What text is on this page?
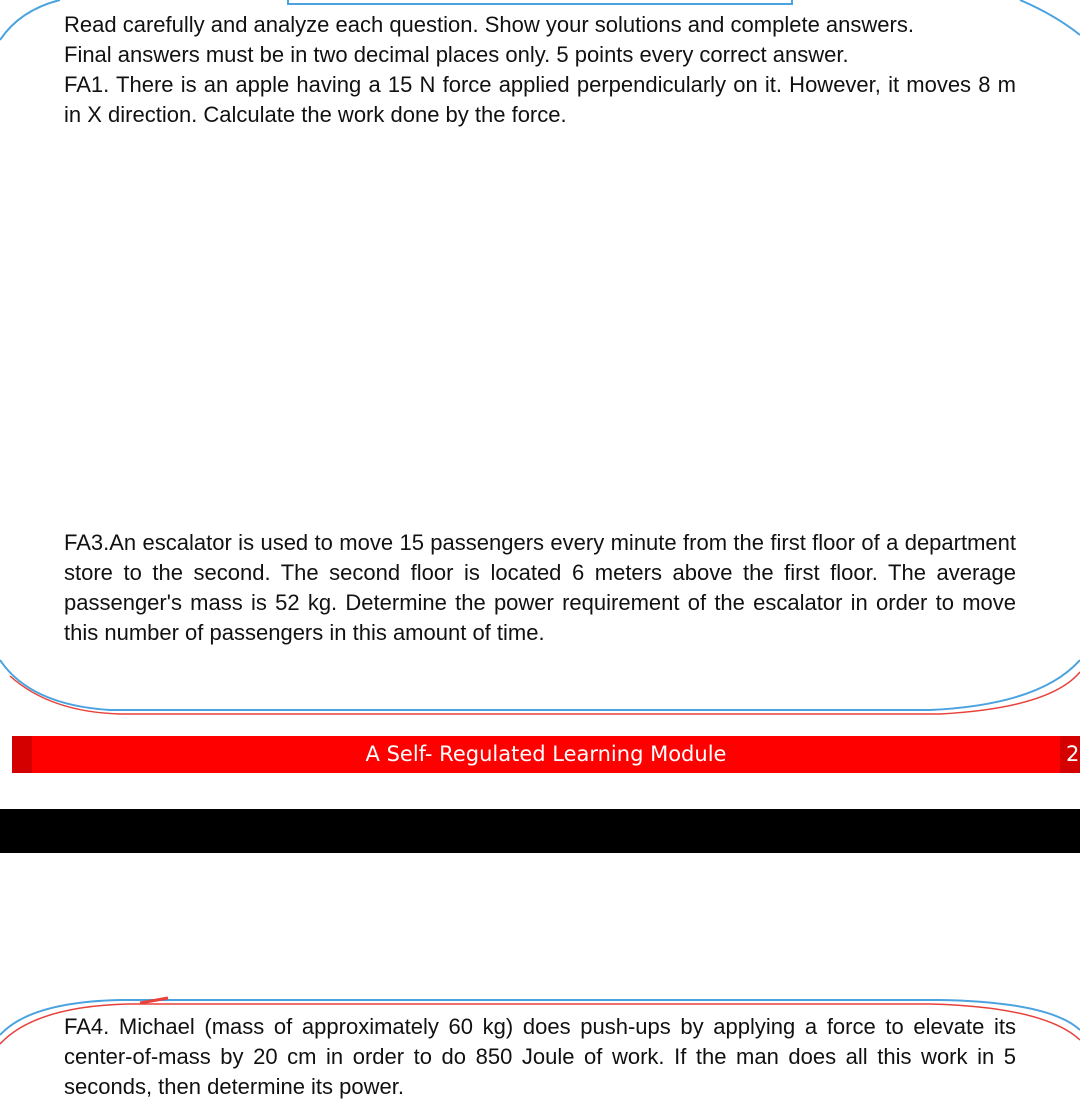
Read carefully and analyze each question. Show your solutions and complete answers.

Final answers must be in two decimal places only. 5 points every correct answer.

FA1. There is an apple having a 15 N force applied perpendicularly on it. However, it moves 8 m in X direction. Calculate the work done by the force.

FA3.An escalator is used to move 15 passengers every minute from the first floor of a department store to the second. The second floor is located 6 meters above the first floor. The average passenger's mass is 52 kg. Determine the power requirement of the escalator in order to move this number of passengers in this amount of time.

A Self- Regulated Learning Module	2

FA4. Michael (mass of approximately 60 kg) does push-ups by applying a force to elevate its center-of-mass by 20 cm in order to do 850 Joule of work. If the man does all this work in 5 seconds, then determine its power.
